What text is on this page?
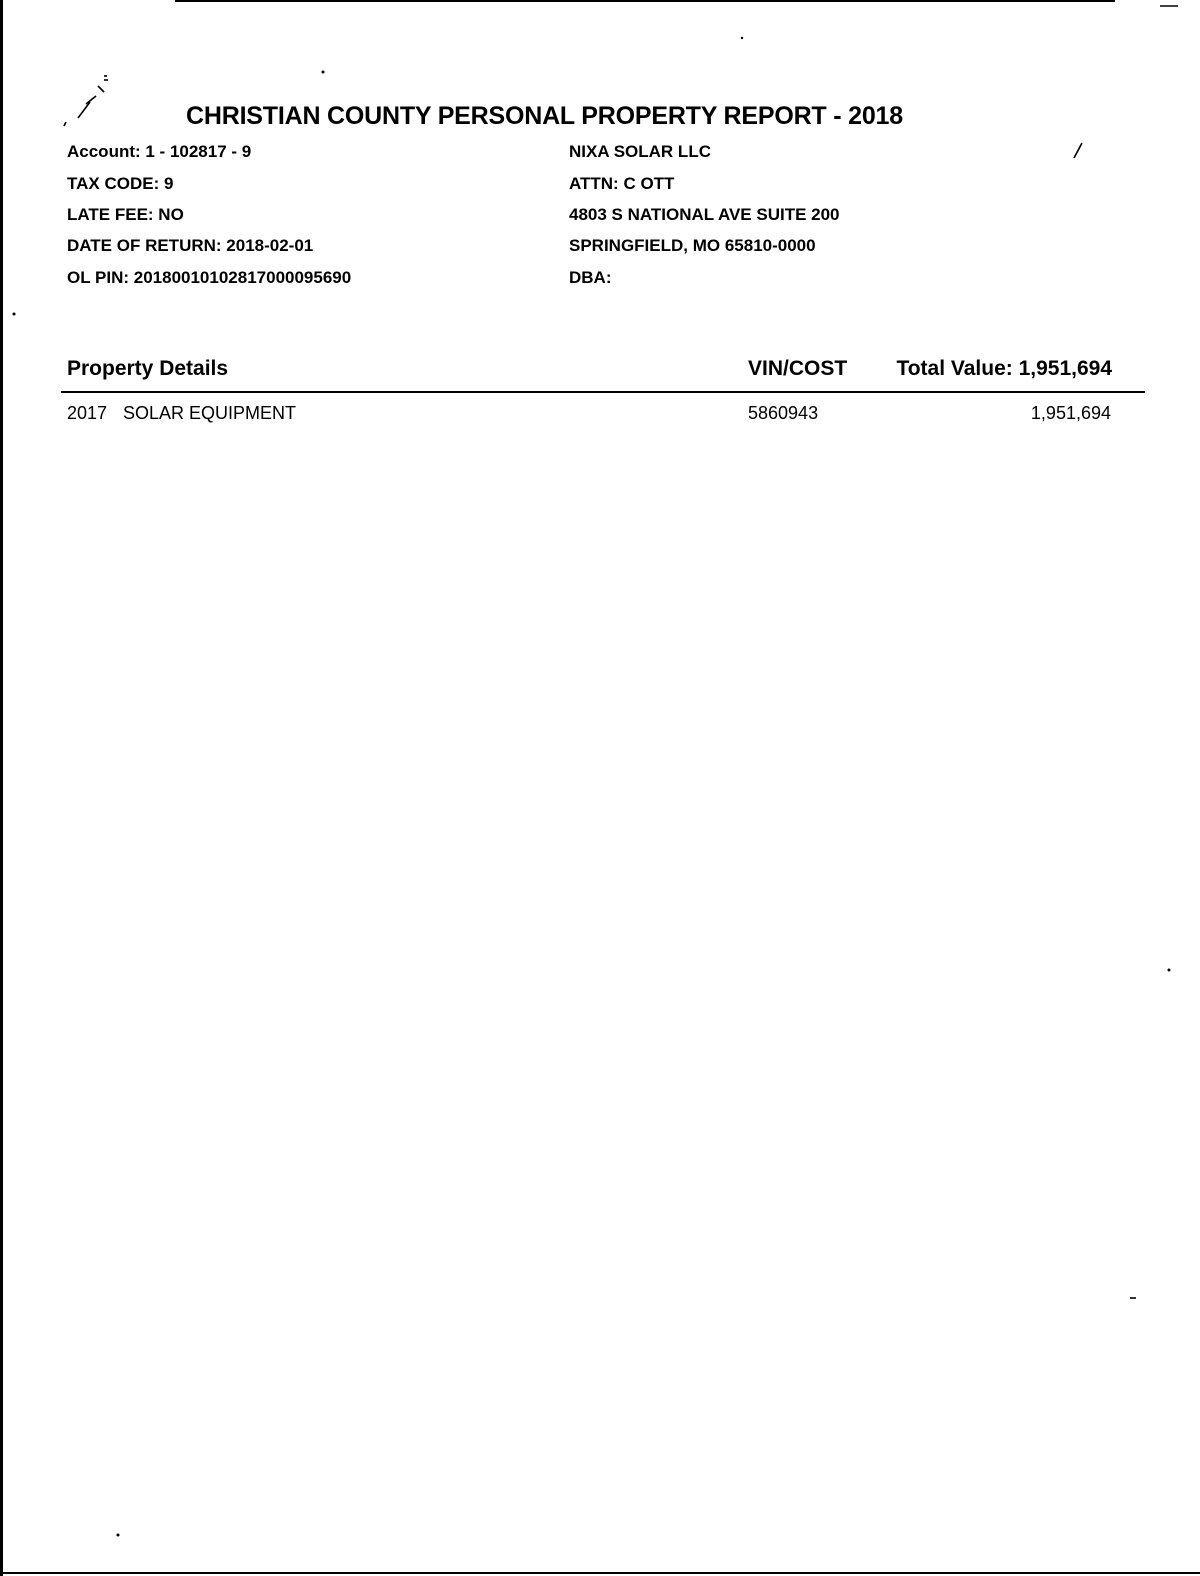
CHRISTIAN COUNTY PERSONAL PROPERTY REPORT - 2018
Account: 1 - 102817 - 9
TAX CODE: 9
LATE FEE: NO
DATE OF RETURN: 2018-02-01
OL PIN: 20180010102817000095690
NIXA SOLAR LLC
ATTN: C OTT
4803 S NATIONAL AVE SUITE 200
SPRINGFIELD, MO 65810-0000
DBA:
Property Details	VIN/COST Total Value: 1,951,694
2017 SOLAR EQUIPMENT	5860943	1,951,694
